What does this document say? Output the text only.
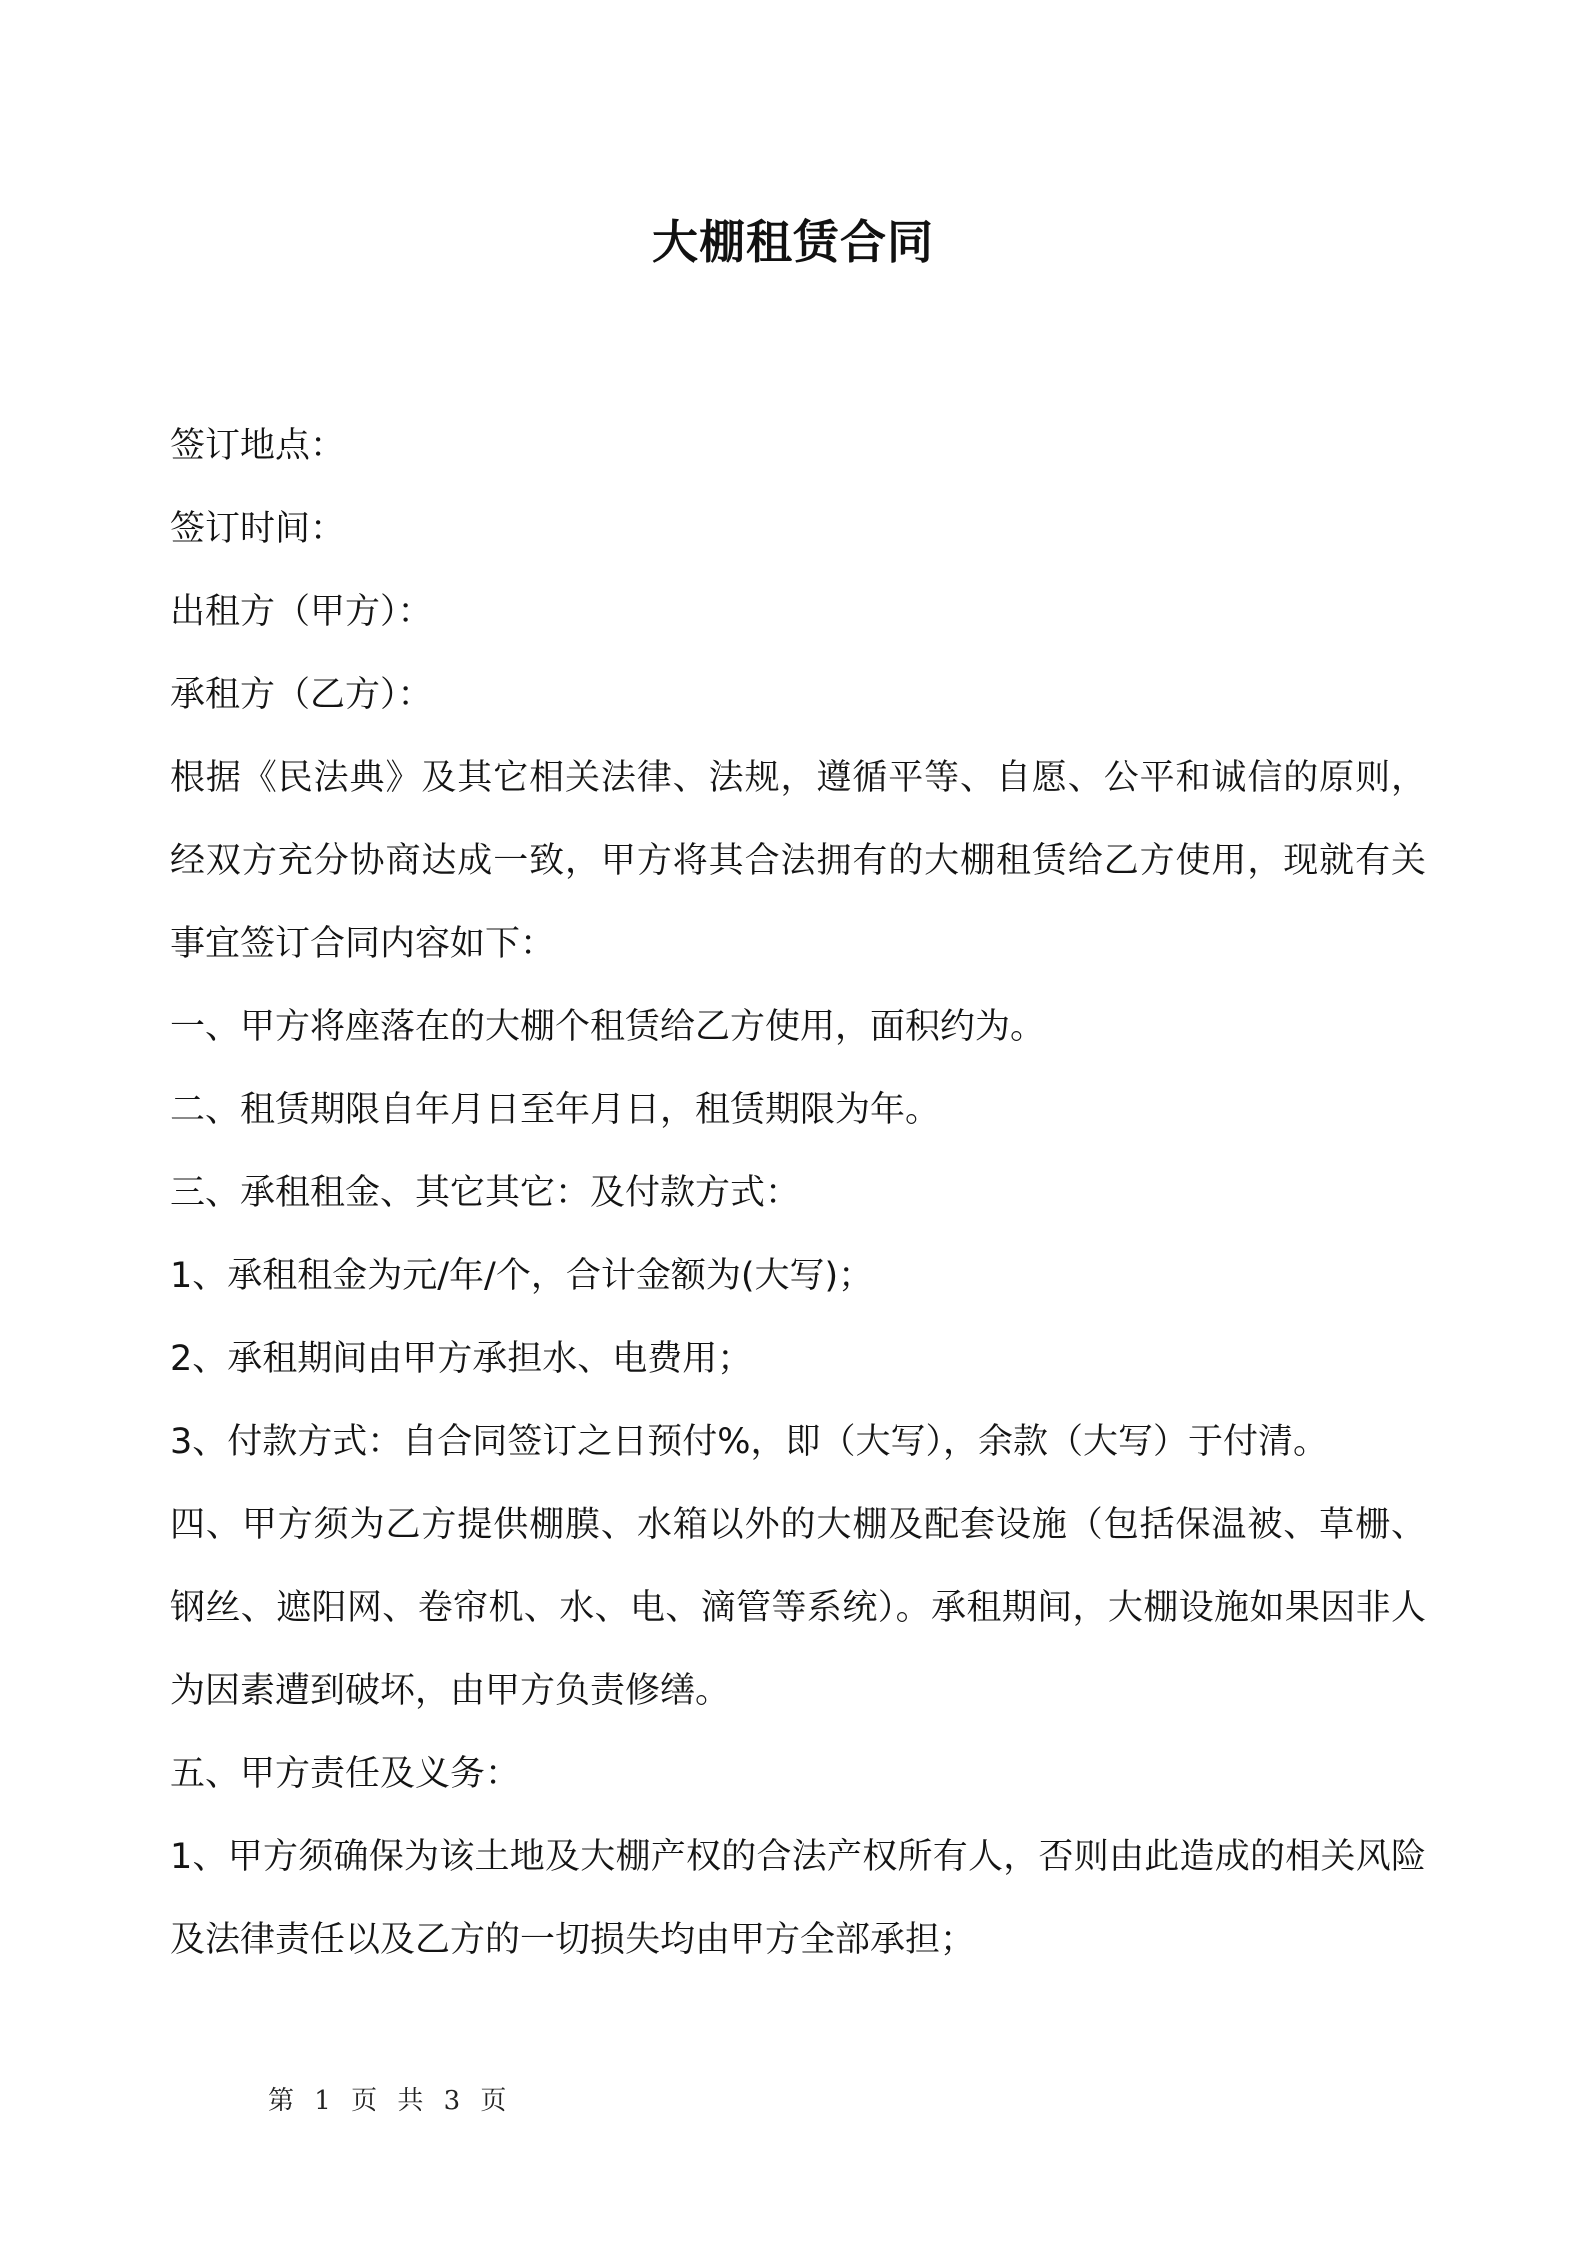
大棚租赁合同

签订地点：

签订时间：

出租方（甲方）：

承租方（乙方）：

根据《民法典》及其它相关法律、法规，遵循平等、自愿、公平和诚信的原则，经双方充分协商达成一致，甲方将其合法拥有的大棚租赁给乙方使用，现就有关事宜签订合同内容如下：

一、甲方将座落在的大棚个租赁给乙方使用，面积约为。

二、租赁期限自年月日至年月日，租赁期限为年。

三、承租租金、其它其它：及付款方式：

1、承租租金为元/年/个，合计金额为(大写)；

2、承租期间由甲方承担水、电费用；

3、付款方式：自合同签订之日预付%，即（大写），余款（大写）于付清。

四、甲方须为乙方提供棚膜、水箱以外的大棚及配套设施（包括保温被、草栅、钢丝、遮阳网、卷帘机、水、电、滴管等系统）。承租期间，大棚设施如果因非人为因素遭到破坏，由甲方负责修缮。

五、甲方责任及义务：

1、甲方须确保为该土地及大棚产权的合法产权所有人，否则由此造成的相关风险及法律责任以及乙方的一切损失均由甲方全部承担；

第 1 页 共 3 页
